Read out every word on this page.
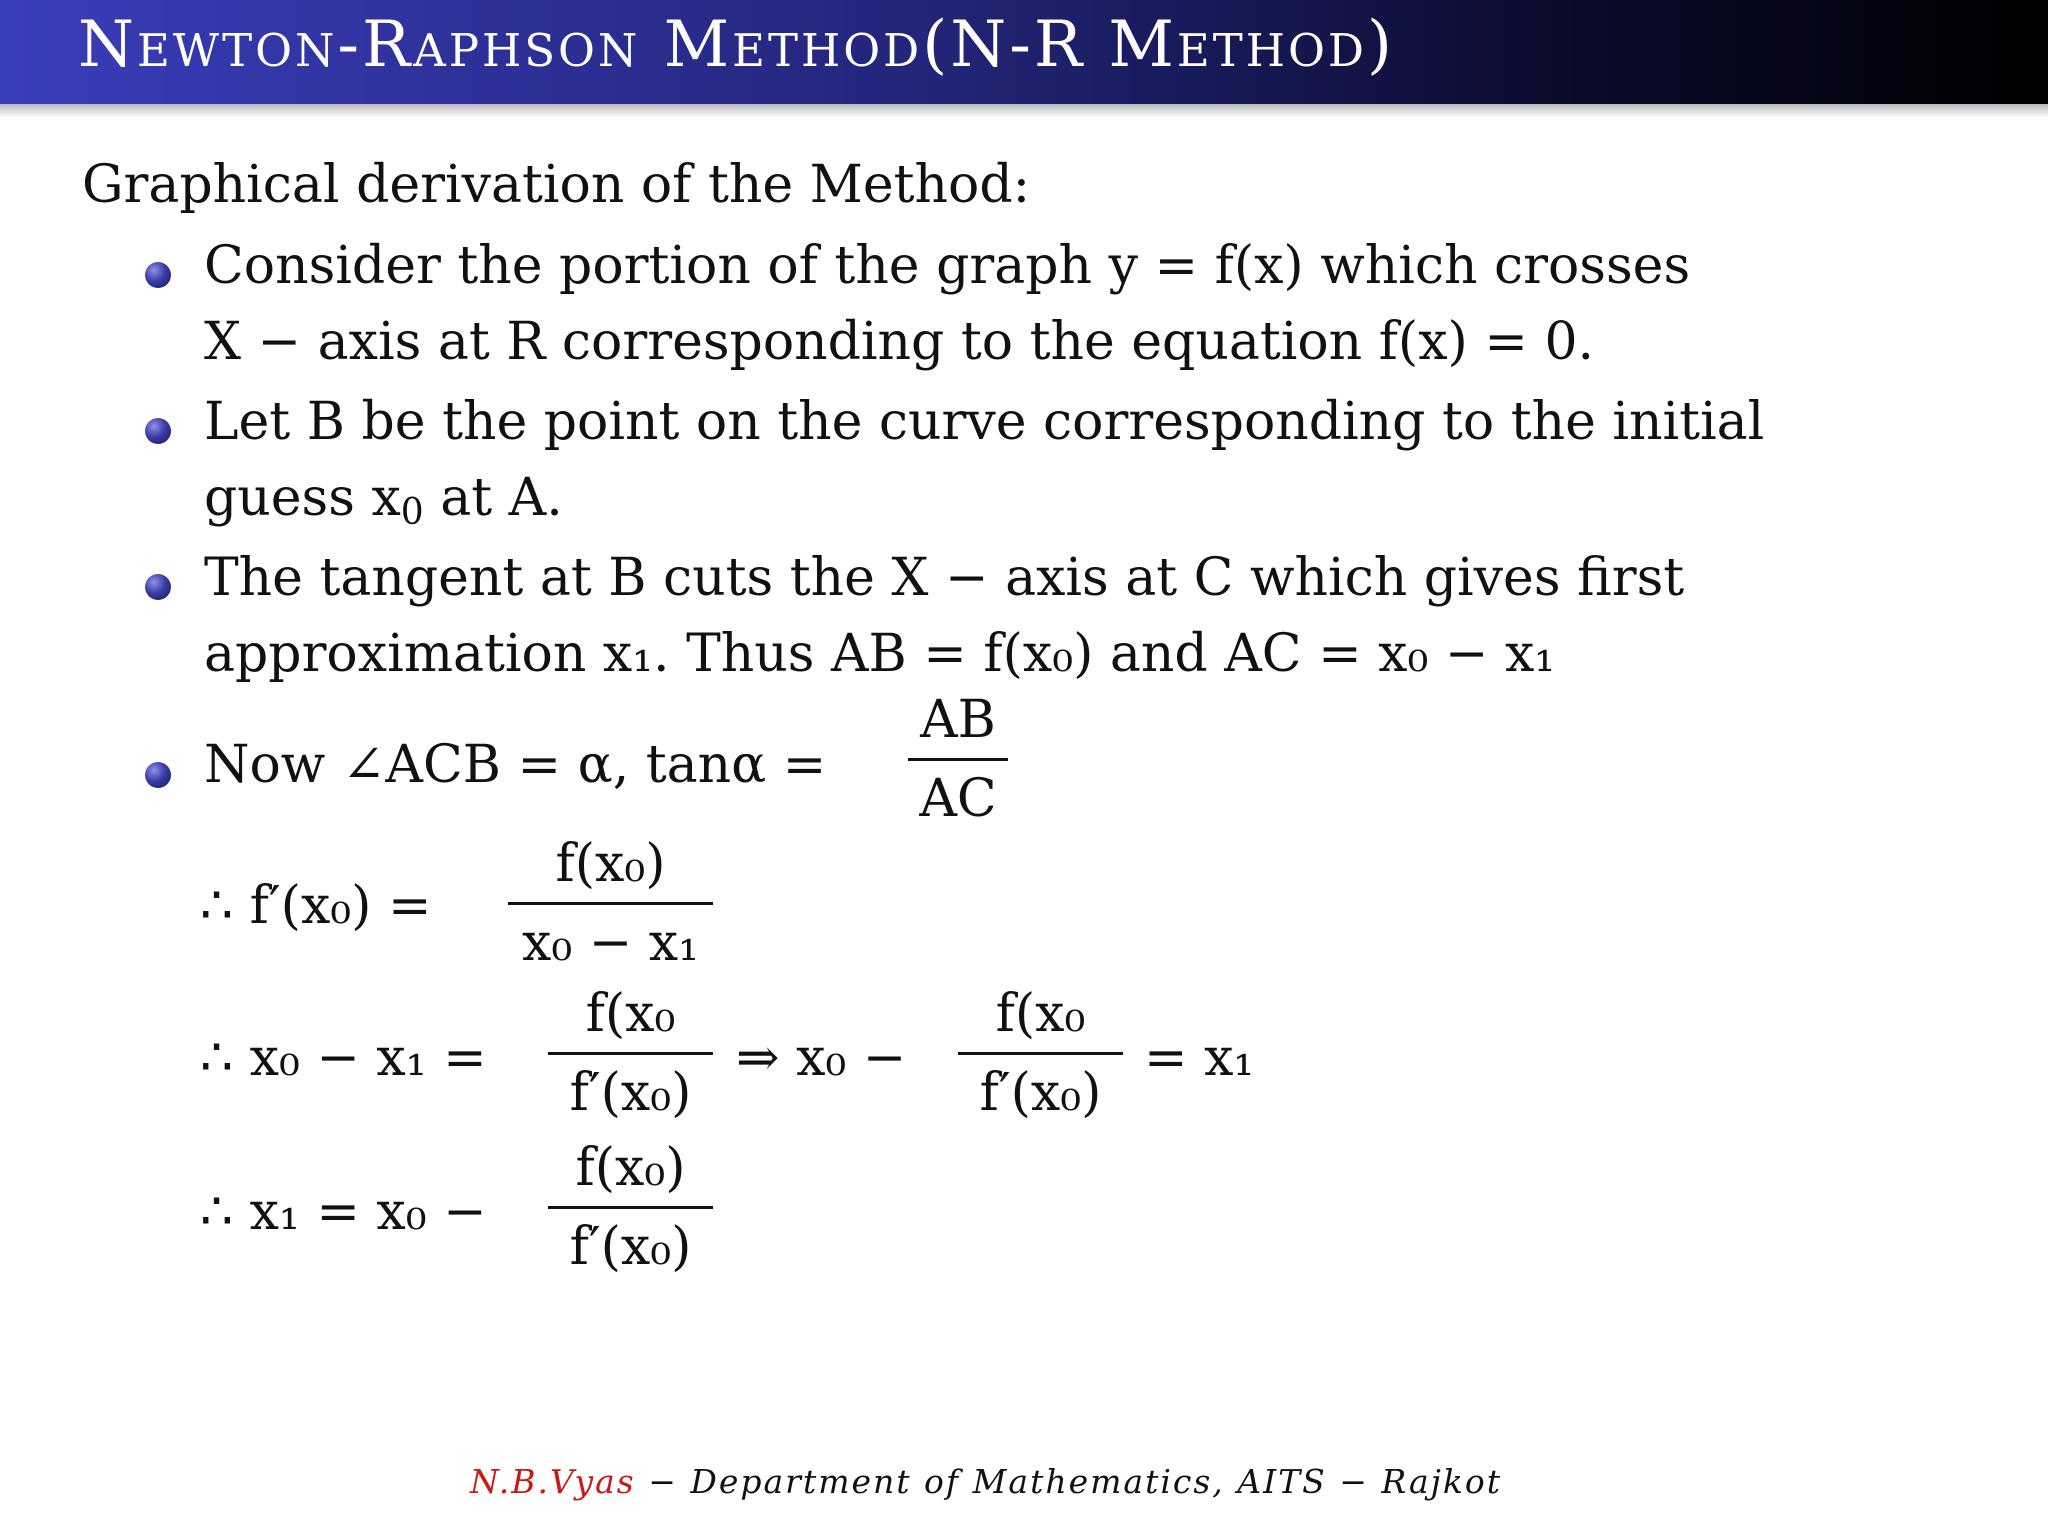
Newton-Raphson Method(N-R Method)
Graphical derivation of the Method:
Consider the portion of the graph y = f(x) which crosses
X − axis at R corresponding to the equation f(x) = 0.
Let B be the point on the curve corresponding to the initial
guess $x_0$ at A.
The tangent at B cuts the X − axis at C which gives first
approximation x₁. Thus AB = f(x₀) and AC = x₀ − x₁
Now ∠ACB = α, tanα =
AB
AC
∴ f′(x₀) =
f(x₀)
x₀ − x₁
∴ x₀ − x₁ =
f(x₀
f′(x₀)
⇒ x₀ −
f(x₀
f′(x₀)
= x₁
∴ x₁ = x₀ −
f(x₀)
f′(x₀)
N.B.Vyas − Department of Mathematics, AITS − Rajkot
